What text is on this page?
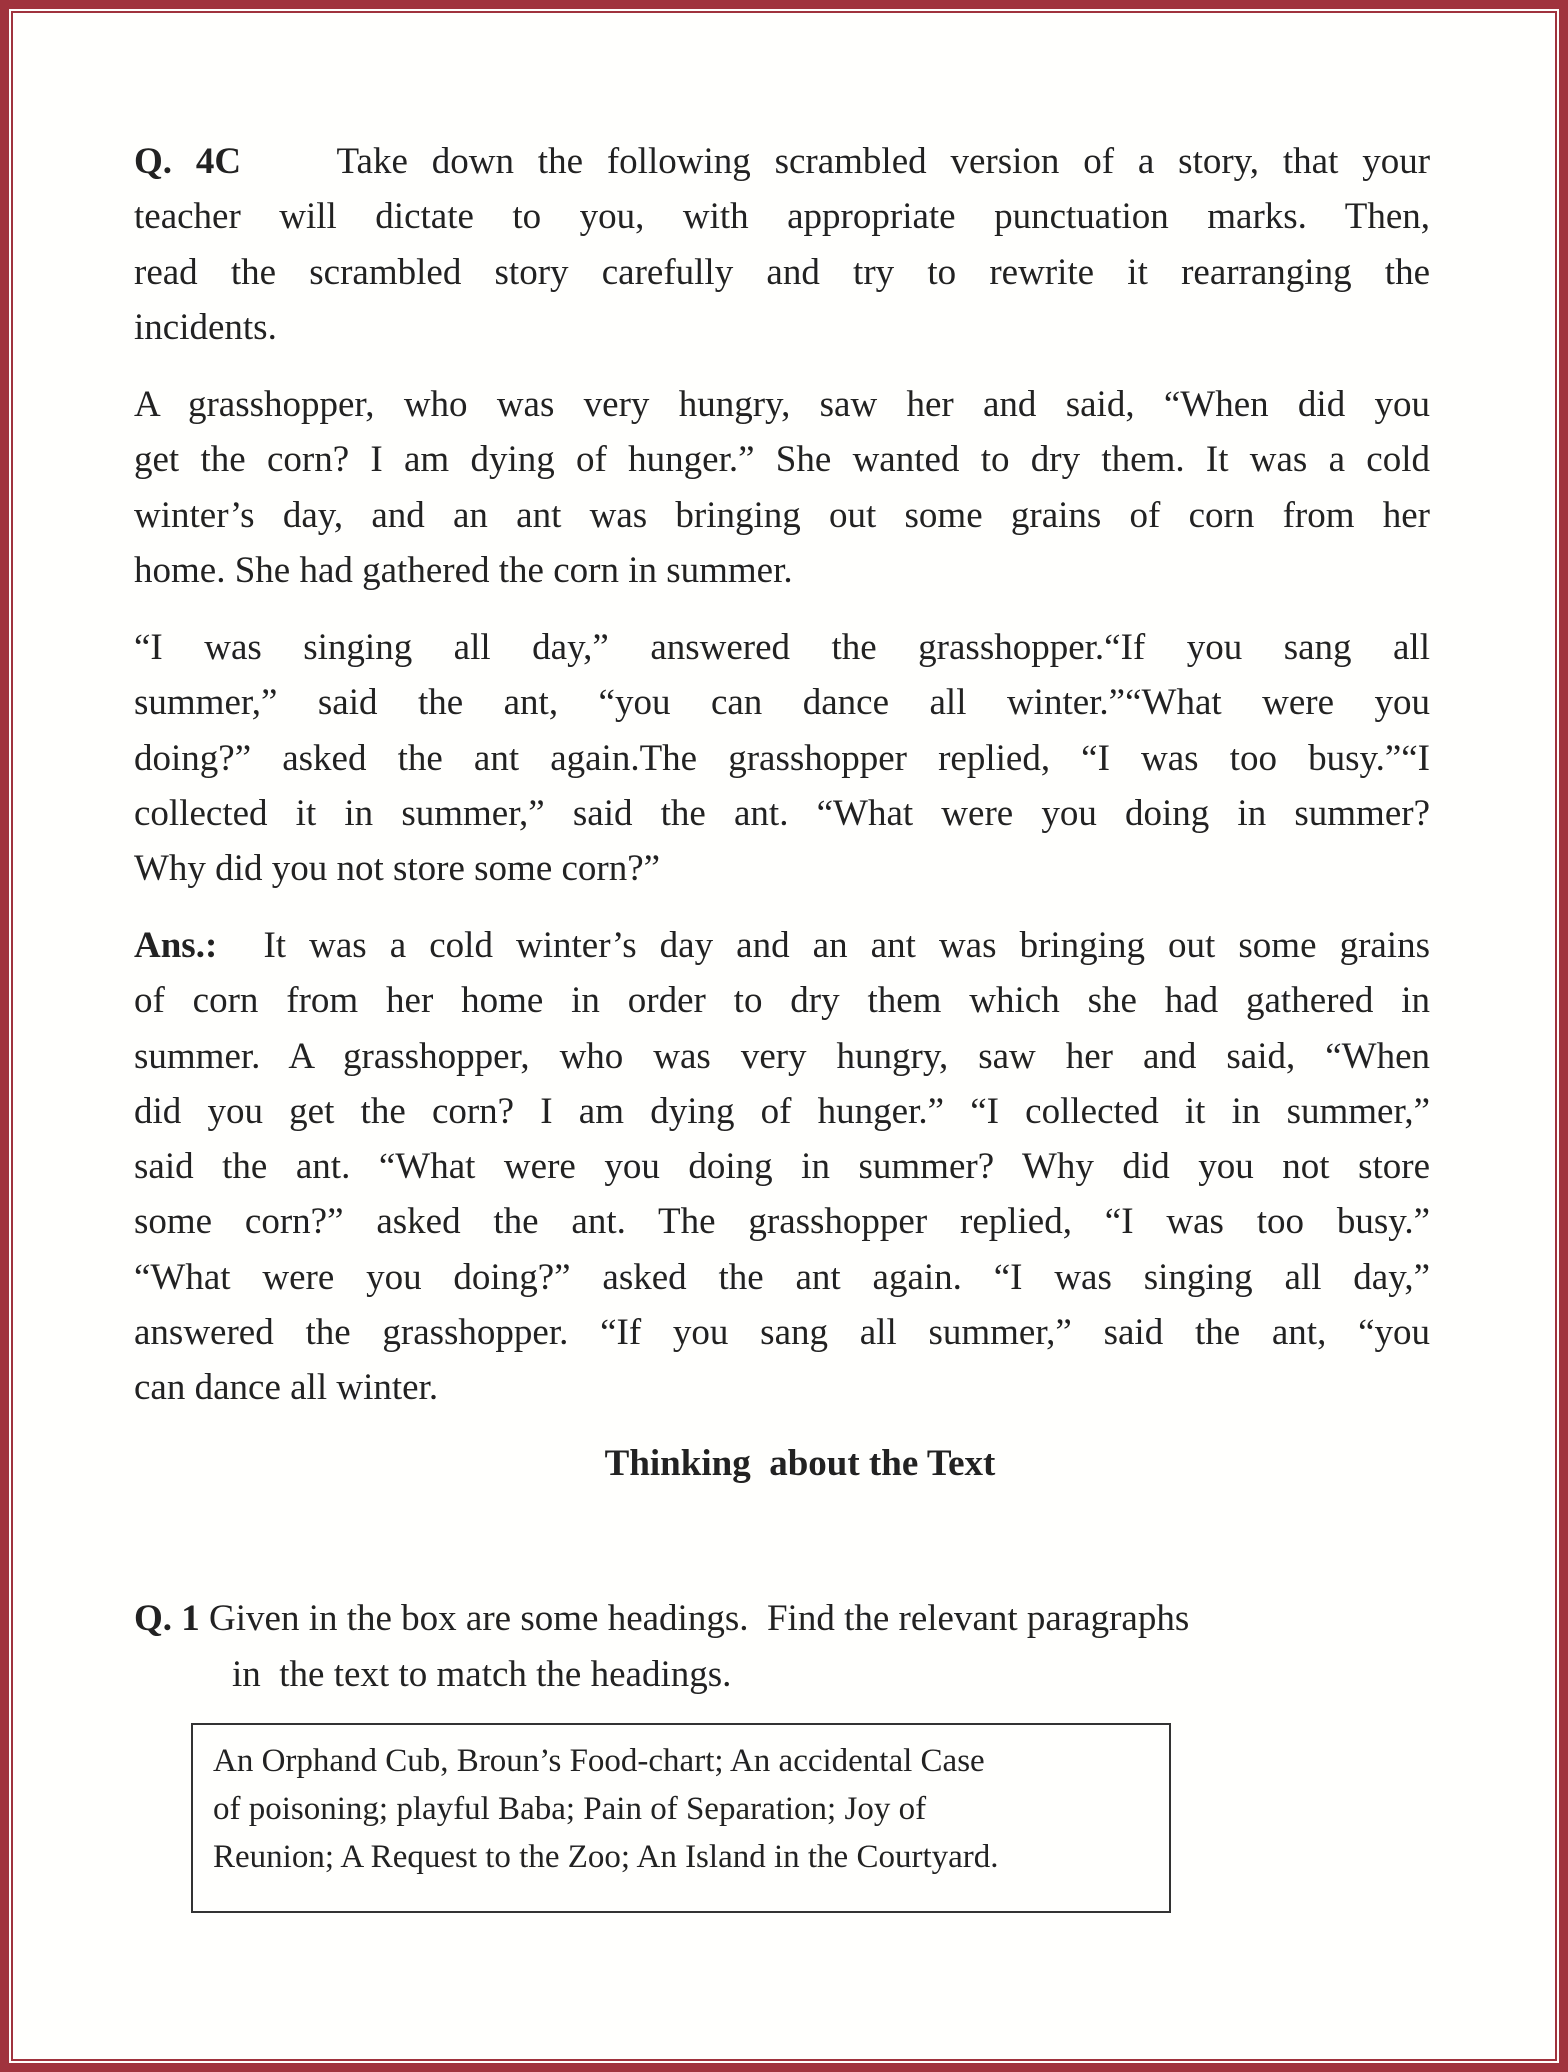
Q. 4C	Take down the following scrambled version of a story, that your
teacher will dictate to you, with appropriate punctuation marks. Then,
read the scrambled story carefully and try to rewrite it rearranging the
incidents.
A grasshopper, who was very hungry, saw her and said, “When did you
get the corn? I am dying of hunger.” She wanted to dry them. It was a cold
winter’s day, and an ant was bringing out some grains of corn from her
home. She had gathered the corn in summer.
“I was singing all day,” answered the grasshopper.“If you sang all
summer,” said the ant, “you can dance all winter.”“What were you
doing?” asked the ant again.The grasshopper replied, “I was too busy.”“I
collected it in summer,” said the ant. “What were you doing in summer?
Why did you not store some corn?”
Ans.: It was a cold winter’s day and an ant was bringing out some grains
of corn from her home in order to dry them which she had gathered in
summer. A grasshopper, who was very hungry, saw her and said, “When
did you get the corn? I am dying of hunger.” “I collected it in summer,”
said the ant. “What were you doing in summer? Why did you not store
some corn?” asked the ant. The grasshopper replied, “I was too busy.”
“What were you doing?” asked the ant again. “I was singing all day,”
answered the grasshopper. “If you sang all summer,” said the ant, “you
can dance all winter.
Thinking  about the Text
Q. 1 Given in the box are some headings.  Find the relevant paragraphs
in  the text to match the headings.
An Orphand Cub, Broun’s Food-chart; An accidental Case
of poisoning; playful Baba; Pain of Separation; Joy of
Reunion; A Request to the Zoo; An Island in the Courtyard.
